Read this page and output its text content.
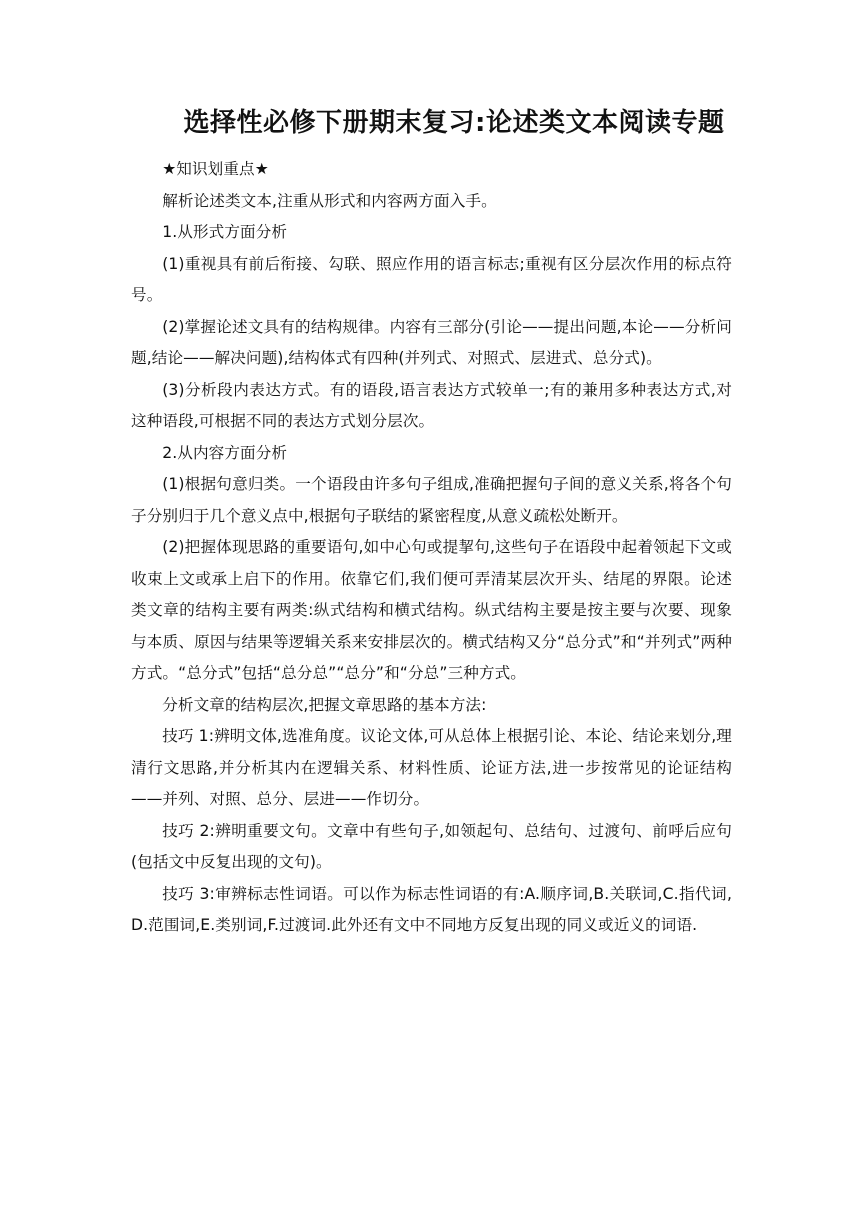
选择性必修下册期末复习:论述类文本阅读专题

★知识划重点★

解析论述类文本,注重从形式和内容两方面入手。

1.从形式方面分析

(1)重视具有前后衔接、勾联、照应作用的语言标志;重视有区分层次作用的标点符号。

(2)掌握论述文具有的结构规律。内容有三部分(引论——提出问题,本论——分析问题,结论——解决问题),结构体式有四种(并列式、对照式、层进式、总分式)。

(3)分析段内表达方式。有的语段,语言表达方式较单一;有的兼用多种表达方式,对这种语段,可根据不同的表达方式划分层次。

2.从内容方面分析

(1)根据句意归类。一个语段由许多句子组成,准确把握句子间的意义关系,将各个句子分别归于几个意义点中,根据句子联结的紧密程度,从意义疏松处断开。

(2)把握体现思路的重要语句,如中心句或提挈句,这些句子在语段中起着领起下文或收束上文或承上启下的作用。依靠它们,我们便可弄清某层次开头、结尾的界限。论述类文章的结构主要有两类:纵式结构和横式结构。纵式结构主要是按主要与次要、现象与本质、原因与结果等逻辑关系来安排层次的。横式结构又分“总分式”和“并列式”两种方式。“总分式”包括“总分总”“总分”和“分总”三种方式。

分析文章的结构层次,把握文章思路的基本方法:

技巧 1:辨明文体,选准角度。议论文体,可从总体上根据引论、本论、结论来划分,理清行文思路,并分析其内在逻辑关系、材料性质、论证方法,进一步按常见的论证结构——并列、对照、总分、层进——作切分。

技巧 2:辨明重要文句。文章中有些句子,如领起句、总结句、过渡句、前呼后应句(包括文中反复出现的文句)。

技巧 3:审辨标志性词语。可以作为标志性词语的有:A.顺序词,B.关联词,C.指代词,D.范围词,E.类别词,F.过渡词.此外还有文中不同地方反复出现的同义或近义的词语.
